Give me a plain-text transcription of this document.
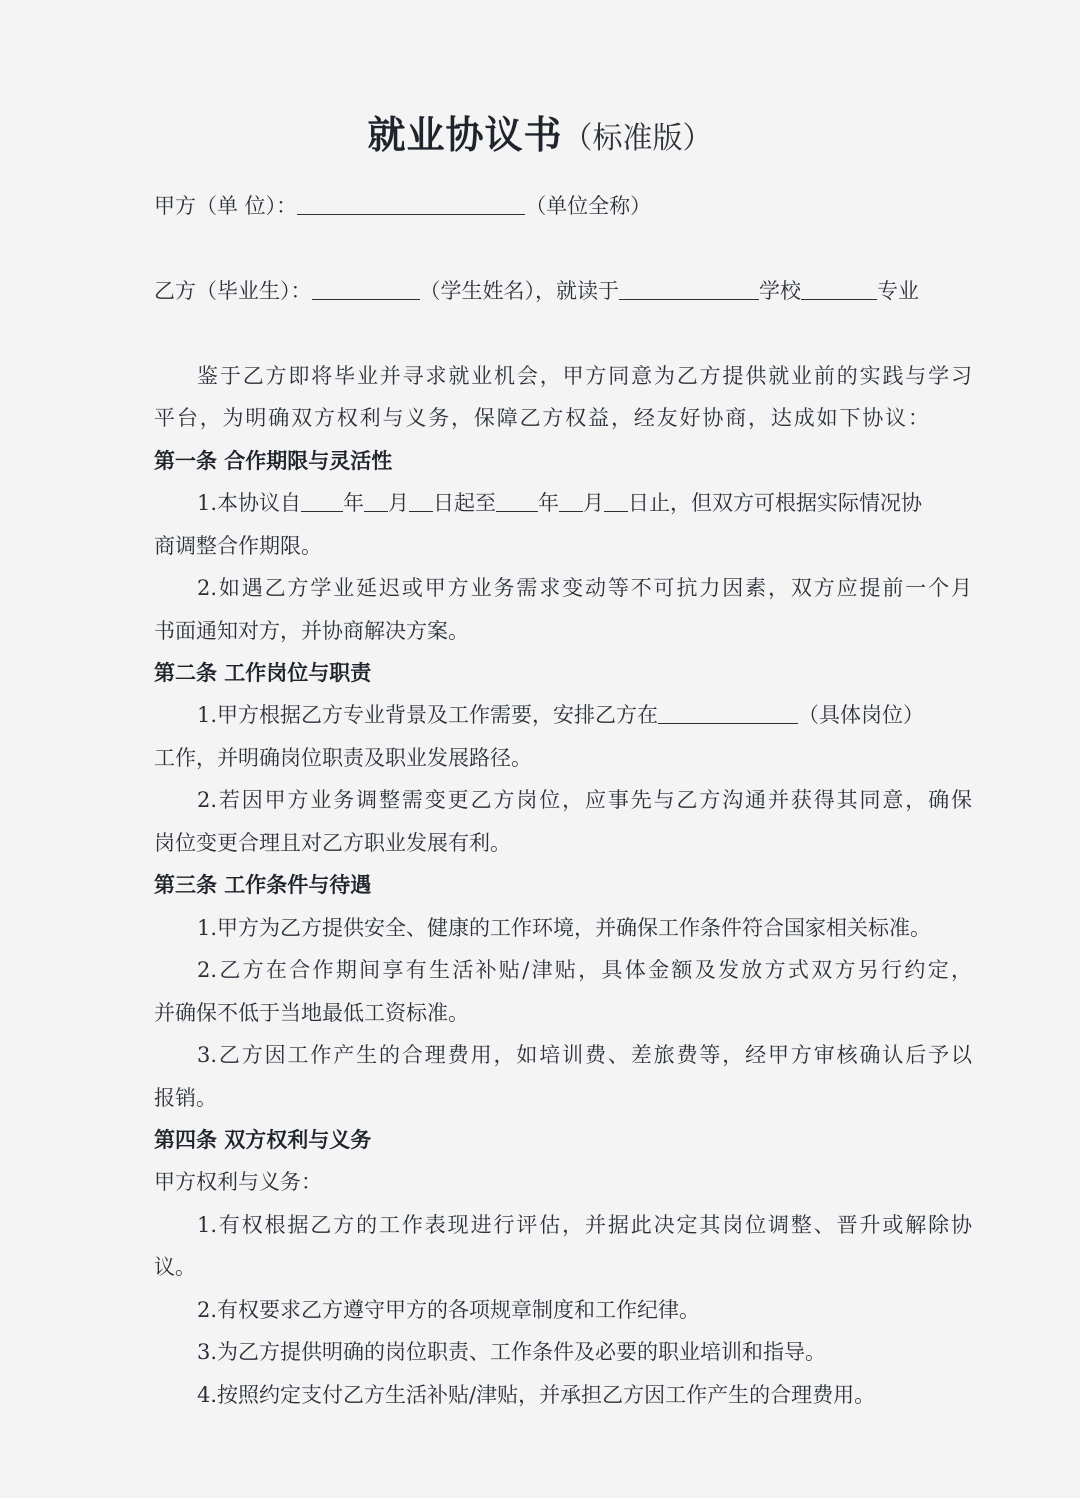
就业协议书（标准版）
甲方（单 位）：	（单位全称）
乙方（毕业生）：	（学生姓名），就读于	学校	专业
鉴于乙方即将毕业并寻求就业机会，甲方同意为乙方提供就业前的实践与学习
平台，为明确双方权利与义务，保障乙方权益，经友好协商，达成如下协议：
第一条 合作期限与灵活性
1.本协议自 年 月 日起至 年 月 日止，但双方可根据实际情况协
商调整合作期限。
2.如遇乙方学业延迟或甲方业务需求变动等不可抗力因素，双方应提前一个月
书面通知对方，并协商解决方案。
第二条 工作岗位与职责
1.甲方根据乙方专业背景及工作需要，安排乙方在	（具体岗位）
工作，并明确岗位职责及职业发展路径。
2.若因甲方业务调整需变更乙方岗位，应事先与乙方沟通并获得其同意，确保
岗位变更合理且对乙方职业发展有利。
第三条 工作条件与待遇
1.甲方为乙方提供安全、健康的工作环境，并确保工作条件符合国家相关标准。
2.乙方在合作期间享有生活补贴/津贴，具体金额及发放方式双方另行约定，
并确保不低于当地最低工资标准。
3.乙方因工作产生的合理费用，如培训费、差旅费等，经甲方审核确认后予以
报销。
第四条 双方权利与义务
甲方权利与义务：
1.有权根据乙方的工作表现进行评估，并据此决定其岗位调整、晋升或解除协
议。
2.有权要求乙方遵守甲方的各项规章制度和工作纪律。
3.为乙方提供明确的岗位职责、工作条件及必要的职业培训和指导。
4.按照约定支付乙方生活补贴/津贴，并承担乙方因工作产生的合理费用。
